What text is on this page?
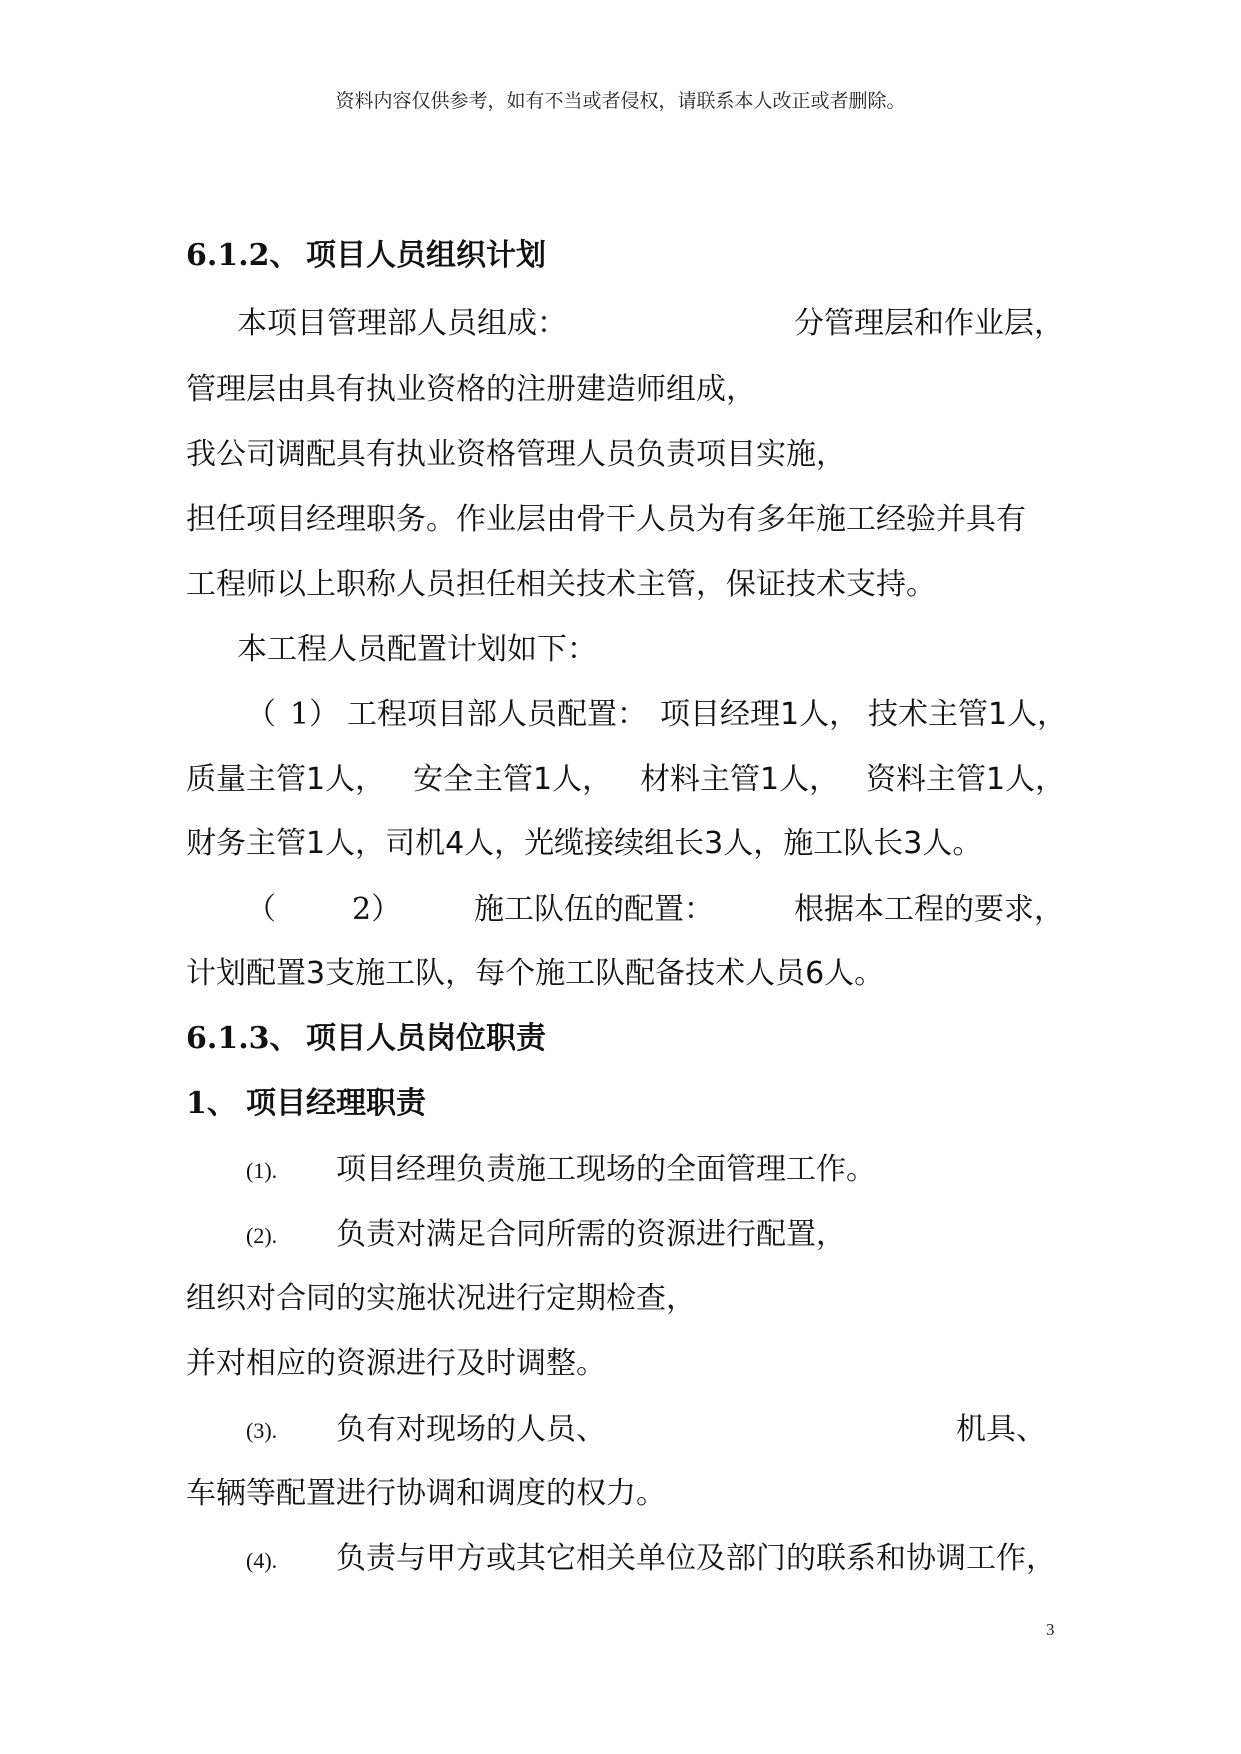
资料内容仅供参考，如有不当或者侵权，请联系本人改正或者删除。
6.1.2、 项目人员组织计划
本项目管理部人员组成：	分管理层和作业层，
管理层由具有执业资格的注册建造师组成，
我公司调配具有执业资格管理人员负责项目实施，
担任项目经理职务。作业层由骨干人员为有多年施工经验并具有
工程师以上职称人员担任相关技术主管，保证技术支持。
本工程人员配置计划如下：
（ 1） 工程项目部人员配置： 项目经理1人， 技术主管1人，
质量主管1人， 安全主管1人， 材料主管1人， 资料主管1人，
财务主管1人，司机4人，光缆接续组长3人，施工队长3人。
（	2） 施工队伍的配置：	根据本工程的要求，
计划配置3支施工队，每个施工队配备技术人员6人。
6.1.3、 项目人员岗位职责
1、 项目经理职责
(1). 项目经理负责施工现场的全面管理工作。
(2). 负责对满足合同所需的资源进行配置，
组织对合同的实施状况进行定期检查，
并对相应的资源进行及时调整。
(3). 负有对现场的人员、	机具、
车辆等配置进行协调和调度的权力。
(4). 负责与甲方或其它相关单位及部门的联系和协调工作，
3
